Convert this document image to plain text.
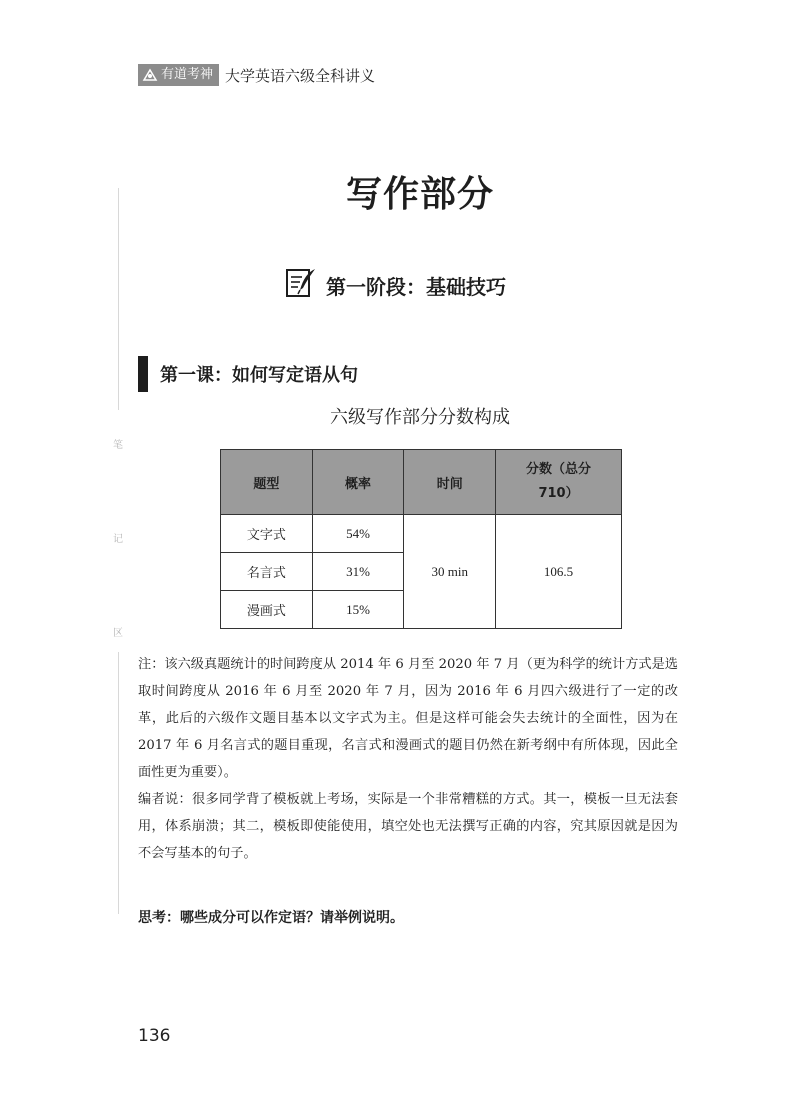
有道考神 大学英语六级全科讲义
笔
记
区
写作部分
第一阶段：基础技巧
第一课：如何写定语从句
六级写作部分分数构成
题型	概率	时间	分数（总分 710）
文字式	54%	30 min	106.5
名言式	31%		
漫画式	15%		

注：该六级真题统计的时间跨度从 2014 年 6 月至 2020 年 7 月（更为科学的统计方式是选取时间跨度从 2016 年 6 月至 2020 年 7 月，因为 2016 年 6 月四六级进行了一定的改革，此后的六级作文题目基本以文字式为主。但是这样可能会失去统计的全面性，因为在 2017 年 6 月名言式的题目重现，名言式和漫画式的题目仍然在新考纲中有所体现，因此全面性更为重要）。

编者说：很多同学背了模板就上考场，实际是一个非常糟糕的方式。其一，模板一旦无法套用，体系崩溃；其二，模板即使能使用，填空处也无法撰写正确的内容，究其原因就是因为不会写基本的句子。

思考：哪些成分可以作定语？请举例说明。
136
